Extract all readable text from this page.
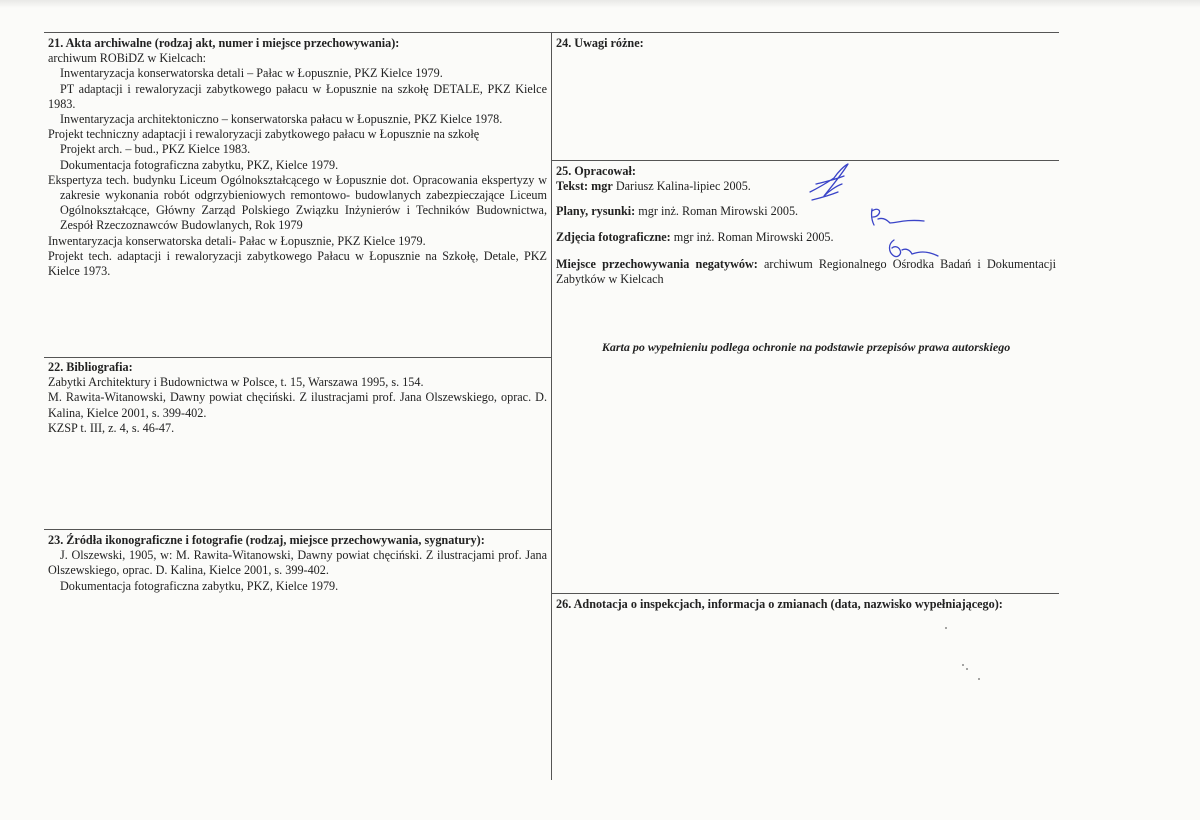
21. Akta archiwalne (rodzaj akt, numer i miejsce przechowywania):

archiwum ROBiDZ w Kielcach:

Inwentaryzacja konserwatorska detali – Pałac w Łopusznie, PKZ Kielce 1979.

PT adaptacji i rewaloryzacji zabytkowego pałacu w Łopusznie na szkołę DETALE, PKZ Kielce 1983.

Inwentaryzacja architektoniczno – konserwatorska pałacu w Łopusznie, PKZ Kielce 1978.

Projekt techniczny adaptacji i rewaloryzacji zabytkowego pałacu w Łopusznie na szkołę

Projekt arch. – bud., PKZ Kielce 1983.

Dokumentacja fotograficzna zabytku, PKZ, Kielce 1979.

Ekspertyza tech. budynku Liceum Ogólnokształcącego w Łopusznie dot. Opracowania ekspertyzy w zakresie wykonania robót odgrzybieniowych remontowo- budowlanych zabezpieczające Liceum Ogólnokształcące, Główny Zarząd Polskiego Związku Inżynierów i Techników Budownictwa, Zespół Rzeczoznawców Budowlanych, Rok 1979

Inwentaryzacja konserwatorska detali- Pałac w Łopusznie, PKZ Kielce 1979.

Projekt tech. adaptacji i rewaloryzacji zabytkowego Pałacu w Łopusznie na Szkołę, Detale, PKZ Kielce 1973.

22. Bibliografia:

Zabytki Architektury i Budownictwa w Polsce, t. 15, Warszawa 1995, s. 154.

M. Rawita-Witanowski, Dawny powiat chęciński. Z ilustracjami prof. Jana Olszewskiego, oprac. D. Kalina, Kielce 2001, s. 399-402.

KZSP t. III, z. 4, s. 46-47.

23. Źródła ikonograficzne i fotografie (rodzaj, miejsce przechowywania, sygnatury):

J. Olszewski, 1905, w: M. Rawita-Witanowski, Dawny powiat chęciński. Z ilustracjami prof. Jana Olszewskiego, oprac. D. Kalina, Kielce 2001, s. 399-402.

Dokumentacja fotograficzna zabytku, PKZ, Kielce 1979.

24. Uwagi różne:
25. Opracował:
Tekst: mgr Dariusz Kalina-lipiec 2005.
Plany, rysunki: mgr inż. Roman Mirowski 2005.
Zdjęcia fotograficzne: mgr inż. Roman Mirowski 2005.

Miejsce przechowywania negatywów: archiwum Regionalnego Ośrodka Badań i Dokumentacji Zabytków w Kielcach

Karta po wypełnieniu podlega ochronie na podstawie przepisów prawa autorskiego
26. Adnotacja o inspekcjach, informacja o zmianach (data, nazwisko wypełniającego):
